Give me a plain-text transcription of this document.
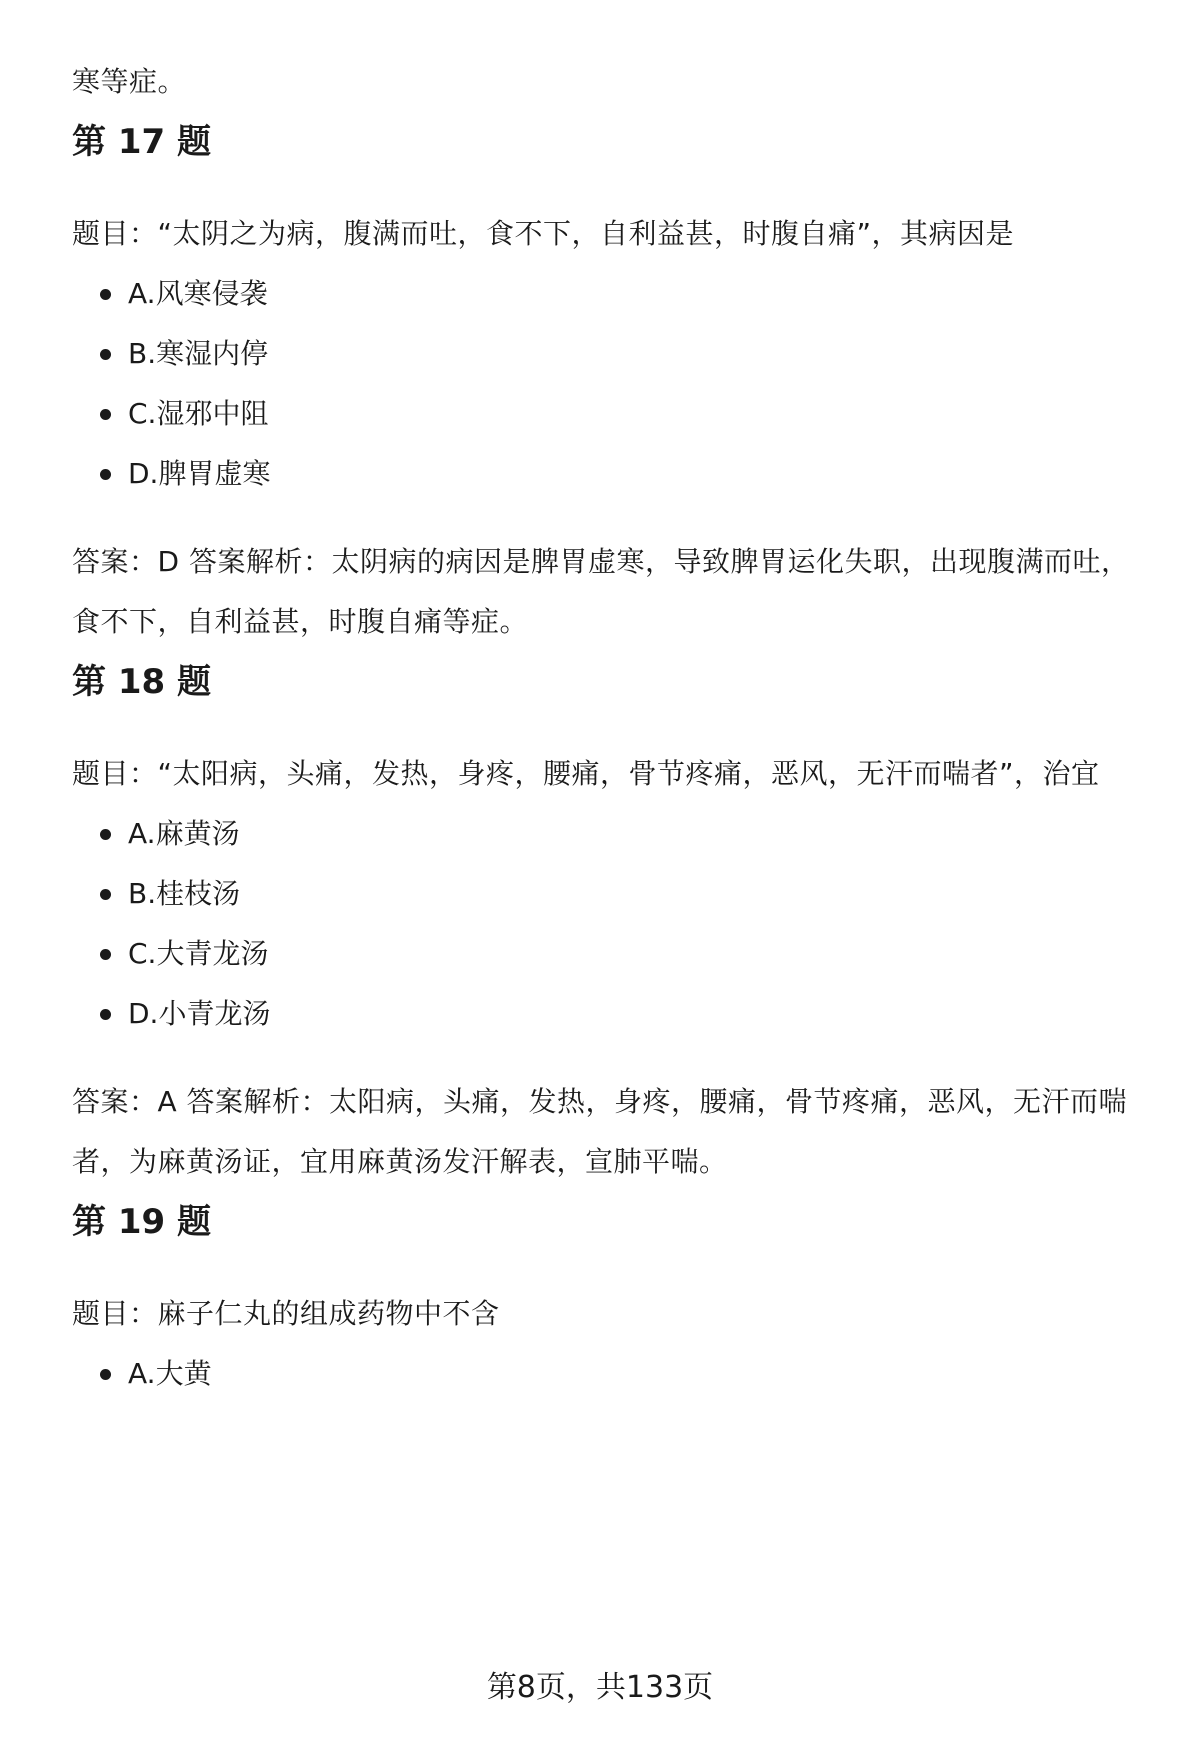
寒等症。

第 17 题

题目：“太阴之为病，腹满而吐，食不下，自利益甚，时腹自痛”，其病因是

A.风寒侵袭
B.寒湿内停
C.湿邪中阻
D.脾胃虚寒

答案：D 答案解析：太阴病的病因是脾胃虚寒，导致脾胃运化失职，出现腹满而吐，食不下，自利益甚，时腹自痛等症。

第 18 题

题目：“太阳病，头痛，发热，身疼，腰痛，骨节疼痛，恶风，无汗而喘者”，治宜

A.麻黄汤
B.桂枝汤
C.大青龙汤
D.小青龙汤

答案：A 答案解析：太阳病，头痛，发热，身疼，腰痛，骨节疼痛，恶风，无汗而喘者，为麻黄汤证，宜用麻黄汤发汗解表，宣肺平喘。

第 19 题

题目：麻子仁丸的组成药物中不含

A.大黄
第8页，共133页
